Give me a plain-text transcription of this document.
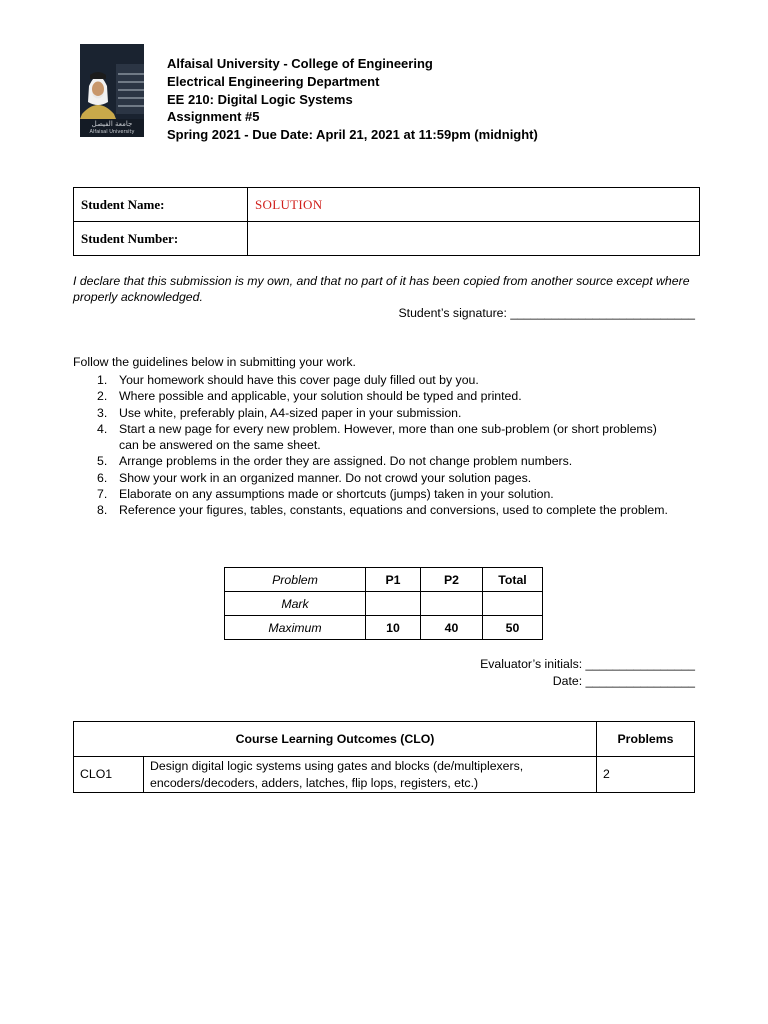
جامعة الفيصل
Alfaisal University
Alfaisal University - College of Engineering
Electrical Engineering Department
EE 210: Digital Logic Systems
Assignment #5
Spring 2021 - Due Date: April 21, 2021 at 11:59pm (midnight)
Student Name:	SOLUTION
Student Number:	
I declare that this submission is my own, and that no part of it has been copied from another source except where properly acknowledged.
Student’s signature: ___________________________
Follow the guidelines below in submitting your work.
1. Your homework should have this cover page duly filled out by you.
2. Where possible and applicable, your solution should be typed and printed.
3. Use white, preferably plain, A4-sized paper in your submission.
4. Start a new page for every new problem. However, more than one sub-problem (or short problems) can be answered on the same sheet.
5. Arrange problems in the order they are assigned. Do not change problem numbers.
6. Show your work in an organized manner. Do not crowd your solution pages.
7. Elaborate on any assumptions made or shortcuts (jumps) taken in your solution.
8. Reference your figures, tables, constants, equations and conversions, used to complete the problem.
Problem	P1	P2	Total
Mark			
Maximum	10	40	50
Evaluator’s initials: ________________
Date: ________________
Course Learning Outcomes (CLO)		Problems
CLO1	Design digital logic systems using gates and blocks (de/multiplexers, encoders/decoders, adders, latches, flip lops, registers, etc.)	2
